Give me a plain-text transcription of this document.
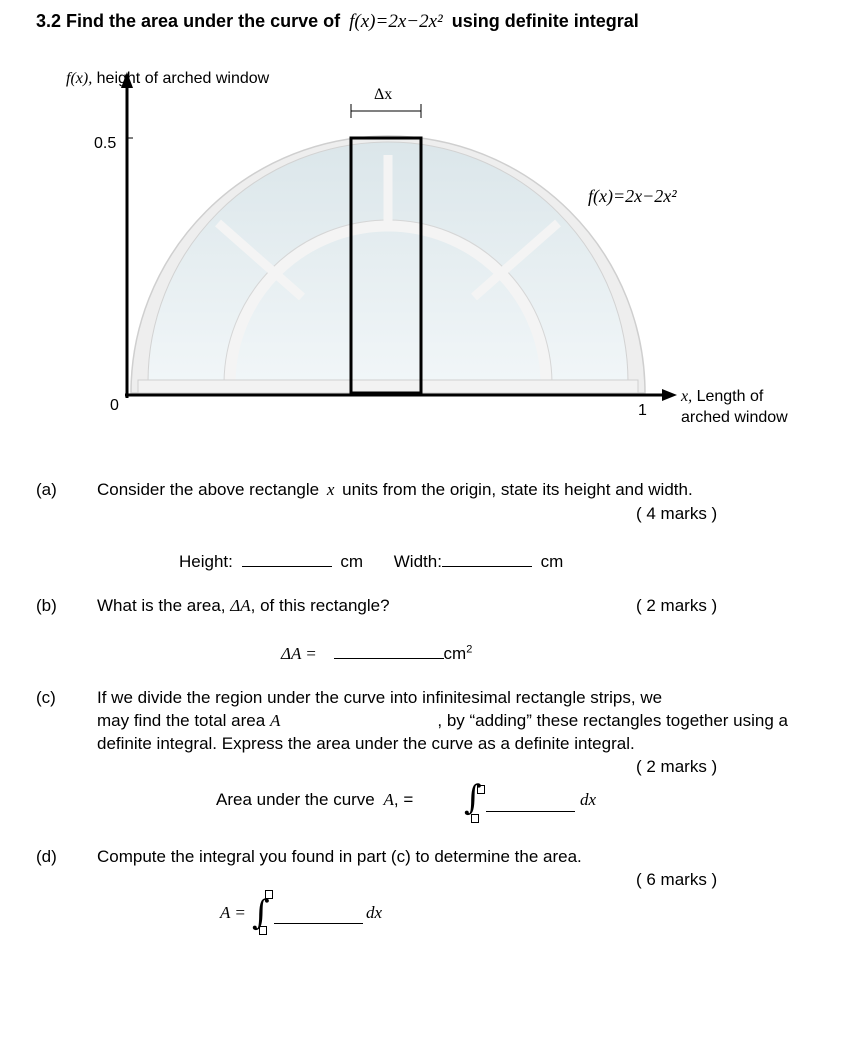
3.2 Find the area under the curve of f(x)=2x−2x² using definite integral
f(x), height of arched window
Δx
0.5
f(x)=2x−2x²
0	1
x, Length of
arched window
(a) Consider the above rectangle x units from the origin, state its height and width.
( 4 marks )
Height:	cm Width:	cm
(b) What is the area, ΔA, of this rectangle?	( 2 marks )
ΔA =	$cm^2$
(c) If we divide the region under the curve into infinitesimal rectangle strips, we
may find the total area A	, by “adding” these rectangles together using a
definite integral. Express the area under the curve as a definite integral.
( 2 marks )
Area under the curve A, = ∫	dx
(d) Compute the integral you found in part (c) to determine the area.
( 6 marks )
A = ∫	dx
